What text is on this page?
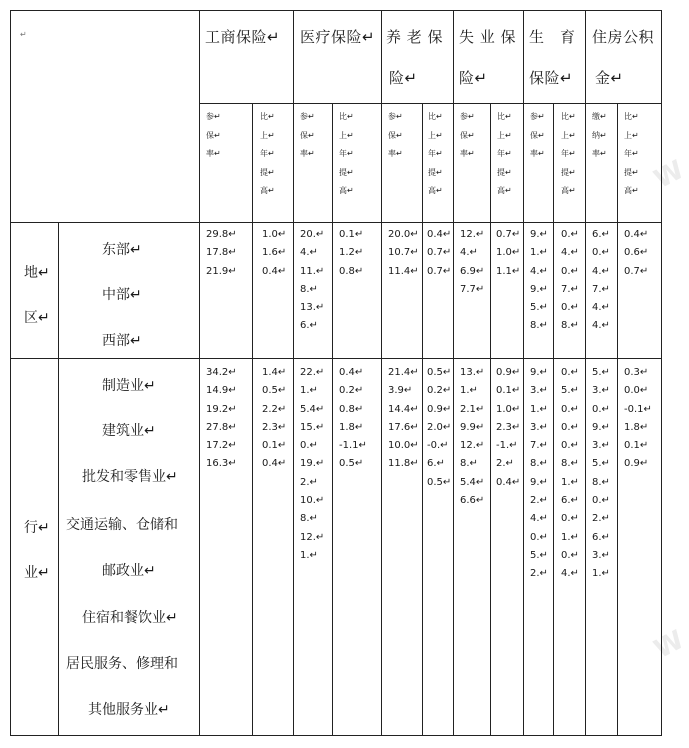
W
W
↵	工商保险↵ 医疗保险↵ 养 老 保
险↵
失 业 保
险↵
生　育
保险↵
住房公积
金↵
参↵
保↵
率↵
比↵
上↵
年↵
提↵
高↵
参↵
保↵
率↵
比↵
上↵
年↵
提↵
高↵
参↵
保↵
率↵
比↵
上↵
年↵
提↵
高↵
参↵
保↵
率↵
比↵
上↵
年↵
提↵
高↵
参↵
保↵
率↵
比↵
上↵
年↵
提↵
高↵
缴↵
纳↵
率↵
比↵
上↵
年↵
提↵
高↵
地↵
区↵
东部↵
中部↵
西部↵
29.8↵
17.8↵
21.9↵
1.0↵
1.6↵
0.4↵
20.↵
4.↵
11.↵
8.↵
13.↵
6.↵
0.1↵
1.2↵
0.8↵
20.0↵
10.7↵
11.4↵
0.4↵
0.7↵
0.7↵
12.↵
4.↵
6.9↵
7.7↵
0.7↵
1.0↵
1.1↵
9.↵
1.↵
4.↵
9.↵
5.↵
8.↵
0.↵
4.↵
0.↵
7.↵
0.↵
8.↵
6.↵
0.↵
4.↵
7.↵
4.↵
4.↵
0.4↵
0.6↵
0.7↵
行↵
业↵
制造业↵
建筑业↵
批发和零售业↵
交通运输、仓储和
邮政业↵
住宿和餐饮业↵
居民服务、修理和
其他服务业↵
34.2↵
14.9↵
19.2↵
27.8↵
17.2↵
16.3↵
1.4↵
0.5↵
2.2↵
2.3↵
0.1↵
0.4↵
22.↵
1.↵
5.4↵
15.↵
0.↵
19.↵
2.↵
10.↵
8.↵
12.↵
1.↵
0.4↵
0.2↵
0.8↵
1.8↵
-1.1↵
0.5↵
21.4↵
3.9↵
14.4↵
17.6↵
10.0↵
11.8↵
0.5↵
0.2↵
0.9↵
2.0↵
-0.↵
6.↵
0.5↵
13.↵
1.↵
2.1↵
9.9↵
12.↵
8.↵
5.4↵
6.6↵
0.9↵
0.1↵
1.0↵
2.3↵
-1.↵
2.↵
0.4↵
9.↵
3.↵
1.↵
3.↵
7.↵
8.↵
9.↵
2.↵
4.↵
0.↵
5.↵
2.↵
0.↵
5.↵
0.↵
0.↵
0.↵
8.↵
1.↵
6.↵
0.↵
1.↵
0.↵
4.↵
5.↵
3.↵
0.↵
9.↵
3.↵
5.↵
8.↵
0.↵
2.↵
6.↵
3.↵
1.↵
0.3↵
0.0↵
-0.1↵
1.8↵
0.1↵
0.9↵
